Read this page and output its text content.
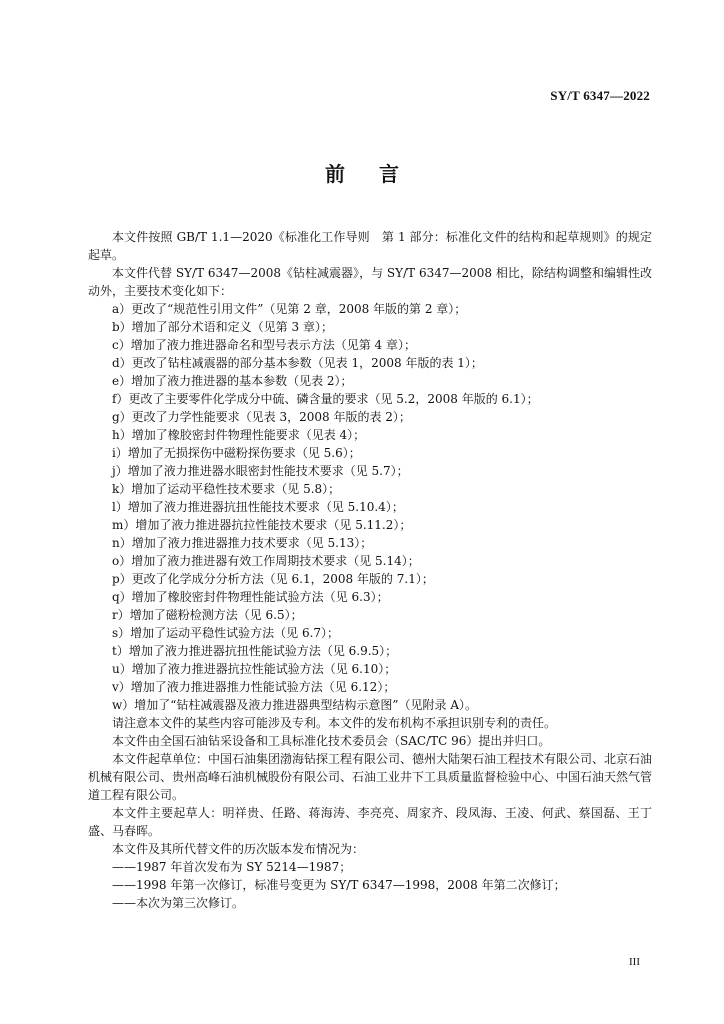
SY/T 6347—2022
前言

本文件按照 GB/T 1.1—2020《标准化工作导则　第 1 部分：标准化文件的结构和起草规则》的规定起草。

本文件代替 SY/T 6347—2008《钻柱减震器》，与 SY/T 6347—2008 相比，除结构调整和编辑性改动外，主要技术变化如下：

a）更改了“规范性引用文件”（见第 2 章，2008 年版的第 2 章）；

b）增加了部分术语和定义（见第 3 章）；

c）增加了液力推进器命名和型号表示方法（见第 4 章）；

d）更改了钻柱减震器的部分基本参数（见表 1，2008 年版的表 1）；

e）增加了液力推进器的基本参数（见表 2）；

f）更改了主要零件化学成分中硫、磷含量的要求（见 5.2，2008 年版的 6.1）；

g）更改了力学性能要求（见表 3，2008 年版的表 2）；

h）增加了橡胶密封件物理性能要求（见表 4）；

i）增加了无损探伤中磁粉探伤要求（见 5.6）；

j）增加了液力推进器水眼密封性能技术要求（见 5.7）；

k）增加了运动平稳性技术要求（见 5.8）；

l）增加了液力推进器抗扭性能技术要求（见 5.10.4）；

m）增加了液力推进器抗拉性能技术要求（见 5.11.2）；

n）增加了液力推进器推力技术要求（见 5.13）；

o）增加了液力推进器有效工作周期技术要求（见 5.14）；

p）更改了化学成分分析方法（见 6.1，2008 年版的 7.1）；

q）增加了橡胶密封件物理性能试验方法（见 6.3）；

r）增加了磁粉检测方法（见 6.5）；

s）增加了运动平稳性试验方法（见 6.7）；

t）增加了液力推进器抗扭性能试验方法（见 6.9.5）；

u）增加了液力推进器抗拉性能试验方法（见 6.10）；

v）增加了液力推进器推力性能试验方法（见 6.12）；

w）增加了“钻柱减震器及液力推进器典型结构示意图”（见附录 A）。

请注意本文件的某些内容可能涉及专利。本文件的发布机构不承担识别专利的责任。

本文件由全国石油钻采设备和工具标准化技术委员会（SAC/TC 96）提出并归口。

本文件起草单位：中国石油集团渤海钻探工程有限公司、德州大陆架石油工程技术有限公司、北京石油机械有限公司、贵州高峰石油机械股份有限公司、石油工业井下工具质量监督检验中心、中国石油天然气管道工程有限公司。

本文件主要起草人：明祥贵、任路、蒋海涛、李亮亮、周家齐、段凤海、王凌、何武、蔡国磊、王丁盛、马春晖。

本文件及其所代替文件的历次版本发布情况为：

——1987 年首次发布为 SY 5214—1987；

——1998 年第一次修订，标准号变更为 SY/T 6347—1998，2008 年第二次修订；

——本次为第三次修订。

III
